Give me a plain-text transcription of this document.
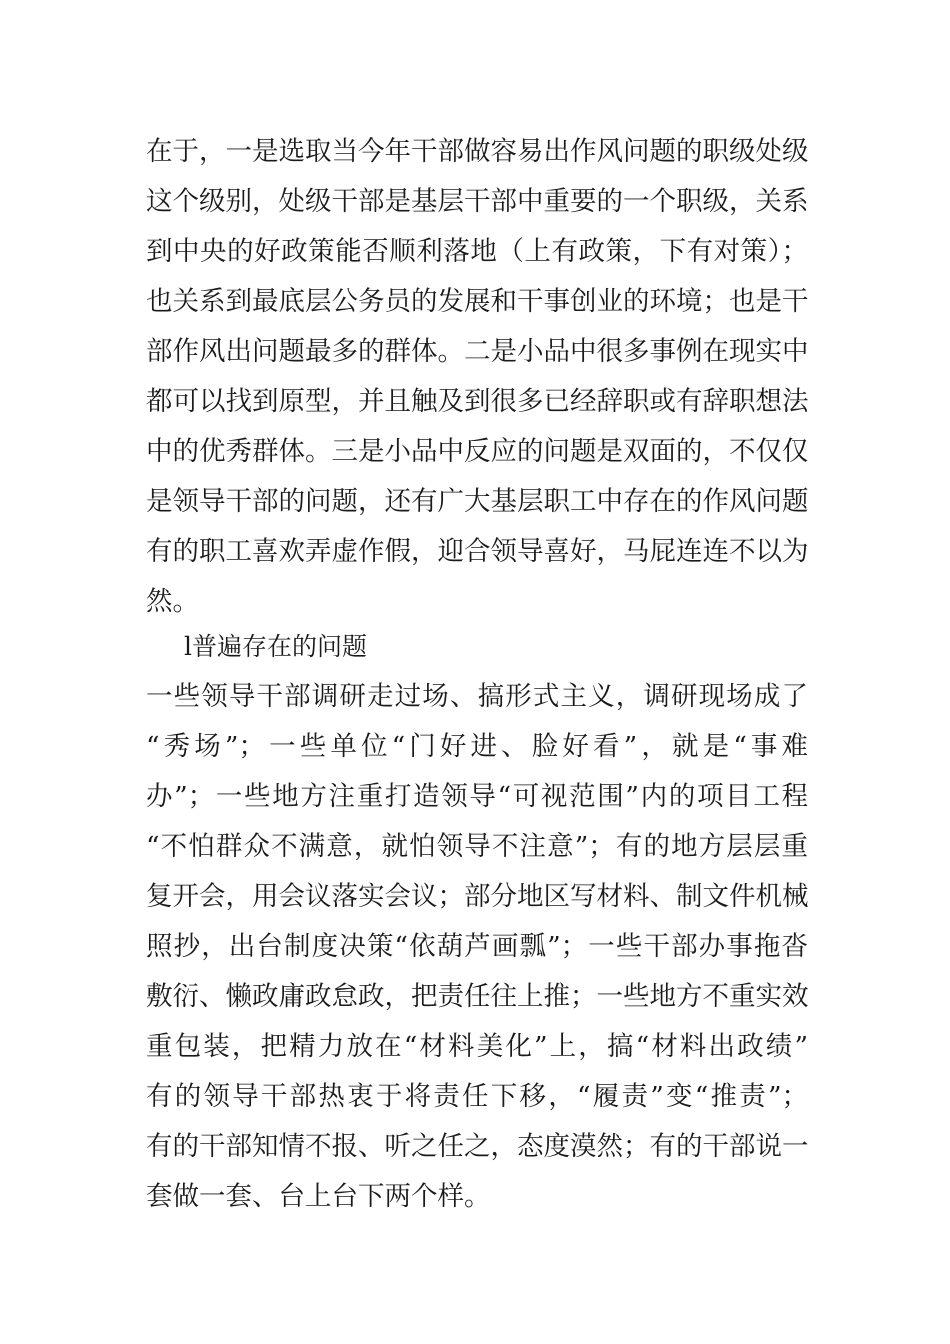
在于，一是选取当今年干部做容易出作风问题的职级处级
这个级别，处级干部是基层干部中重要的一个职级，关系
到中央的好政策能否顺利落地（上有政策，下有对策）；
也关系到最底层公务员的发展和干事创业的环境；也是干
部作风出问题最多的群体。二是小品中很多事例在现实中
都可以找到原型，并且触及到很多已经辞职或有辞职想法
中的优秀群体。三是小品中反应的问题是双面的，不仅仅
是领导干部的问题，还有广大基层职工中存在的作风问题
有的职工喜欢弄虚作假，迎合领导喜好，马屁连连不以为
然。
l普遍存在的问题
一些领导干部调研走过场、搞形式主义，调研现场成了
“秀场”；一些单位“门好进、脸好看”，就是“事难
办”；一些地方注重打造领导“可视范围”内的项目工程
“不怕群众不满意，就怕领导不注意”；有的地方层层重
复开会，用会议落实会议；部分地区写材料、制文件机械
照抄，出台制度决策“依葫芦画瓢”；一些干部办事拖沓
敷衍、懒政庸政怠政，把责任往上推；一些地方不重实效
重包装，把精力放在“材料美化”上，搞“材料出政绩”
有的领导干部热衷于将责任下移，“履责”变“推责”；
有的干部知情不报、听之任之，态度漠然；有的干部说一
套做一套、台上台下两个样。
